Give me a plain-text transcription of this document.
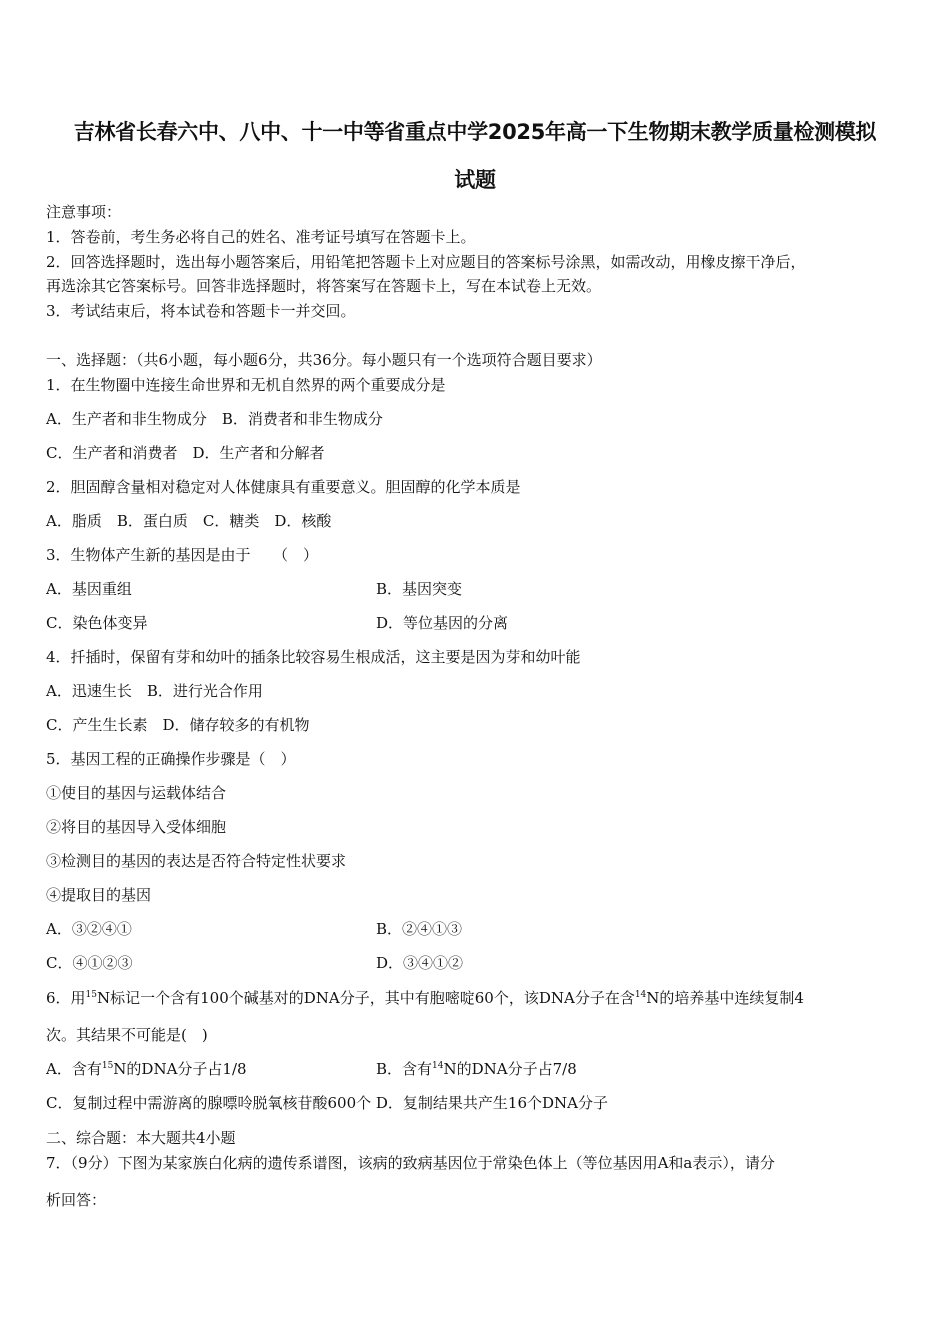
吉林省长春六中、八中、十一中等省重点中学2025年高一下生物期末教学质量检测模拟
试题
注意事项：
1．答卷前，考生务必将自己的姓名、准考证号填写在答题卡上。
2．回答选择题时，选出每小题答案后，用铅笔把答题卡上对应题目的答案标号涂黑，如需改动，用橡皮擦干净后，
再选涂其它答案标号。回答非选择题时，将答案写在答题卡上，写在本试卷上无效。
3．考试结束后，将本试卷和答题卡一并交回。
一、选择题：（共6小题，每小题6分，共36分。每小题只有一个选项符合题目要求）
1．在生物圈中连接生命世界和无机自然界的两个重要成分是
A．生产者和非生物成分　B．消费者和非生物成分
C．生产者和消费者　D．生产者和分解者
2．胆固醇含量相对稳定对人体健康具有重要意义。胆固醇的化学本质是
A．脂质　B．蛋白质　C．糖类　D．核酸
3．生物体产生新的基因是由于　　（　）
A．基因重组	B．基因突变
C．染色体变异	D．等位基因的分离
4．扦插时，保留有芽和幼叶的插条比较容易生根成活，这主要是因为芽和幼叶能
A．迅速生长　B．进行光合作用
C．产生生长素　D．储存较多的有机物
5．基因工程的正确操作步骤是（　）
①使目的基因与运载体结合
②将目的基因导入受体细胞
③检测目的基因的表达是否符合特定性状要求
④提取目的基因
A．③②④①	B．②④①③
C．④①②③	D．③④①②
6．用$^{15}$N标记一个含有100个碱基对的DNA分子，其中有胞嘧啶60个，该DNA分子在含$^{14}$N的培养基中连续复制4
次。其结果不可能是(　)
A．含有$^{15}$N的DNA分子占1/8	B．含有$^{14}$N的DNA分子占7/8
C．复制过程中需游离的腺嘌呤脱氧核苷酸600个 D．复制结果共产生16个DNA分子
二、综合题：本大题共4小题
7．（9分）下图为某家族白化病的遗传系谱图，该病的致病基因位于常染色体上（等位基因用A和a表示），请分
析回答：
